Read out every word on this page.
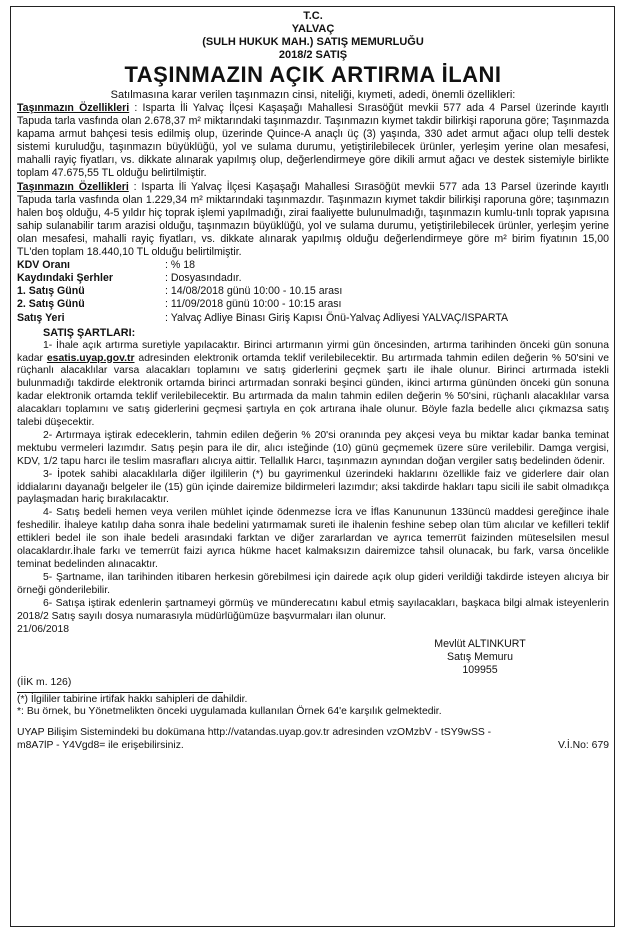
T.C.
YALVAÇ
(SULH HUKUK MAH.) SATIŞ MEMURLUĞU
2018/2 SATIŞ
TAŞINMAZIN AÇIK ARTIRMA İLANI
Satılmasına karar verilen taşınmazın cinsi, niteliği, kıymeti, adedi, önemli özellikleri:

Taşınmazın Özellikleri : Isparta İli Yalvaç İlçesi Kaşaşağı Mahallesi Sırasöğüt mevkii 577 ada 4 Parsel üzerinde kayıtlı Tapuda tarla vasfında olan 2.678,37 m² miktarındaki taşınmazdır. Taşınmazın kıymet takdir bilirkişi raporuna göre; Taşınmazda kapama armut bahçesi tesis edilmiş olup, üzerinde Quince-A anaçlı üç (3) yaşında, 330 adet armut ağacı olup telli destek sistemi kuruludğu, taşınmazın büyüklüğü, yol ve sulama durumu, yetiştirilebilecek ürünler, yerleşim yerine olan mesafesi, mahalli rayiç fiyatları, vs. dikkate alınarak yapılmış olup, değerlendirmeye göre dikili armut ağacı ve destek sistemiyle birlikte toplam 47.675,55 TL olduğu belirtilmiştir.

Taşınmazın Özellikleri : Isparta İli Yalvaç İlçesi Kaşaşağı Mahallesi Sırasöğüt mevkii 577 ada 13 Parsel üzerinde kayıtlı Tapuda tarla vasfında olan 1.229,34 m² miktarındaki taşınmazdır. Taşınmazın kıymet takdir bilirkişi raporuna göre; taşınmazın halen boş olduğu, 4-5 yıldır hiç toprak işlemi yapılmadığı, zirai faaliyette bulunulmadığı, taşınmazın kumlu-tınlı toprak yapısına sahip sulanabilir tarım arazisi olduğu, taşınmazın büyüklüğü, yol ve sulama durumu, yetiştirilebilecek ürünler, yerleşim yerine olan mesafesi, mahalli rayiç fiyatları, vs. dikkate alınarak yapılmış olduğu değerlendirmeye göre m² birim fiyatının 15,00 TL'den toplam 18.440,10 TL olduğu belirtilmiştir.

KDV Oranı	: % 18
Kaydındaki Şerhler	: Dosyasındadır.
1. Satış Günü	: 14/08/2018 günü 10:00 - 10.15 arası
2. Satış Günü	: 11/09/2018 günü 10:00 - 10:15 arası
Satış Yeri	: Yalvaç Adliye Binası Giriş Kapısı Önü-Yalvaç Adliyesi YALVAÇ/ISPARTA
SATIŞ ŞARTLARI:

1- İhale açık artırma suretiyle yapılacaktır. Birinci artırmanın yirmi gün öncesinden, artırma tarihinden önceki gün sonuna kadar esatis.uyap.gov.tr adresinden elektronik ortamda teklif verilebilecektir. Bu artırmada tahmin edilen değerin % 50'sini ve rüçhanlı alacaklılar varsa alacakları toplamını ve satış giderlerini geçmek şartı ile ihale olunur. Birinci artırmada istekli bulunmadığı takdirde elektronik ortamda birinci artırmadan sonraki beşinci günden, ikinci artırma gününden önceki gün sonuna kadar elektronik ortamda teklif verilebilecektir. Bu artırmada da malın tahmin edilen değerin % 50'sini, rüçhanlı alacaklılar varsa alacakları toplamını ve satış giderlerini geçmesi şartıyla en çok artırana ihale olunur. Böyle fazla bedelle alıcı çıkmazsa satış talebi düşecektir.

2- Artırmaya iştirak edeceklerin, tahmin edilen değerin % 20'si oranında pey akçesi veya bu miktar kadar banka teminat mektubu vermeleri lazımdır. Satış peşin para ile dir, alıcı isteğinde (10) günü geçmemek üzere süre verilebilir. Damga vergisi, KDV, 1/2 tapu harcı ile teslim masrafları alıcıya aittir. Tellallık Harcı, taşınmazın aynından doğan vergiler satış bedelinden ödenir.

3- İpotek sahibi alacaklılarla diğer ilgililerin (*) bu gayrimenkul üzerindeki haklarını özellikle faiz ve giderlere dair olan iddialarını dayanağı belgeler ile (15) gün içinde dairemize bildirmeleri lazımdır; aksi takdirde hakları tapu sicili ile sabit olmadıkça paylaşmadan hariç bırakılacaktır.

4- Satış bedeli hemen veya verilen mühlet içinde ödenmezse İcra ve İflas Kanununun 133üncü maddesi gereğince ihale feshedilir. İhaleye katılıp daha sonra ihale bedelini yatırmamak sureti ile ihalenin feshine sebep olan tüm alıcılar ve kefilleri teklif ettikleri bedel ile son ihale bedeli arasındaki farktan ve diğer zararlardan ve ayrıca temerrüt faizinden müteselsilen mesul olacaklardır.İhale farkı ve temerrüt faizi ayrıca hükme hacet kalmaksızın dairemizce tahsil olunacak, bu fark, varsa öncelikle teminat bedelinden alınacaktır.

5- Şartname, ilan tarihinden itibaren herkesin görebilmesi için dairede açık olup gideri verildiği takdirde isteyen alıcıya bir örneği gönderilebilir.

6- Satışa iştirak edenlerin şartnameyi görmüş ve münderecatını kabul etmiş sayılacakları, başkaca bilgi almak isteyenlerin 2018/2 Satış sayılı dosya numarasıyla müdürlüğümüze başvurmaları ilan olunur.

21/06/2018
Mevlüt ALTINKURT
Satış Memuru
109955
(İİK m. 126)
(*) İlgililer tabirine irtifak hakkı sahipleri de dahildir.
*: Bu örnek, bu Yönetmelikten önceki uygulamada kullanılan Örnek 64'e karşılık gelmektedir.
UYAP Bilişim Sistemindeki bu dokümana http://vatandas.uyap.gov.tr adresinden vzOMzbV - tSY9wSS -
m8A7lP - Y4Vgd8= ile erişebilirsiniz.	V.İ.No: 679
